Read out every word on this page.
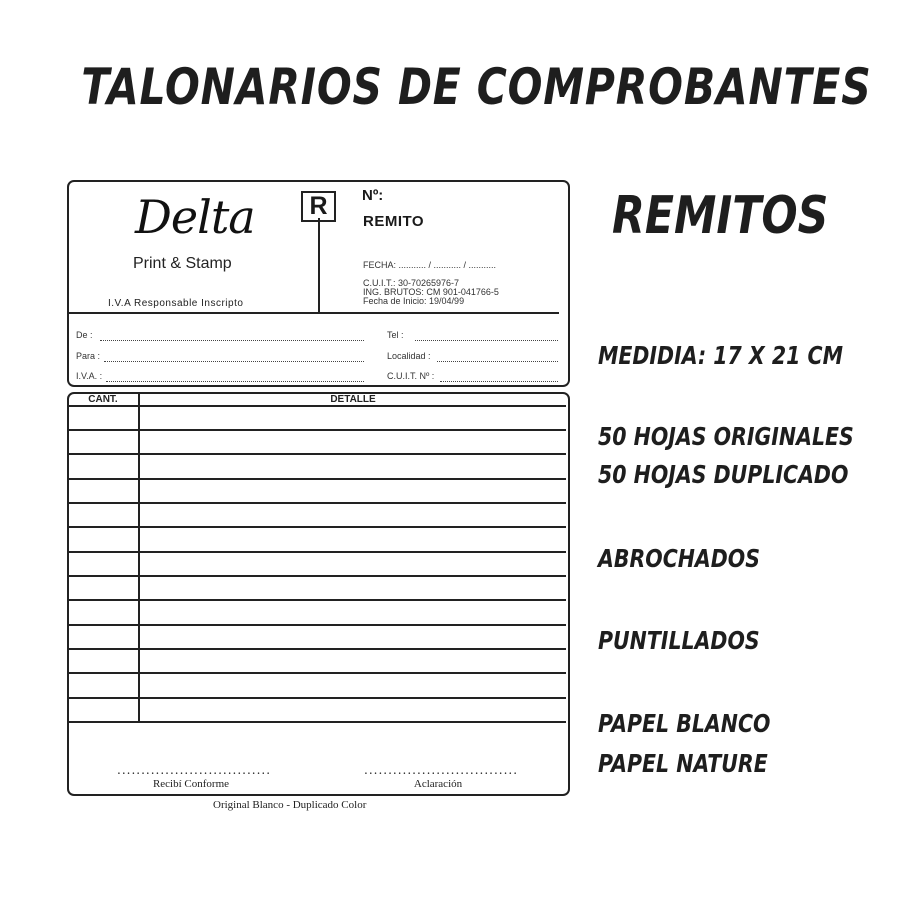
TALONARIOS DE COMPROBANTES
REMITOS
MEDIDIA: 17 X 21 CM
50 HOJAS ORIGINALES
50 HOJAS DUPLICADO
ABROCHADOS
PUNTILLADOS
PAPEL BLANCO
PAPEL NATURE
Delta
Print & Stamp
I.V.A Responsable Inscripto
R	Nº:
REMITO
FECHA: ........... / ........... / ...........
C.U.I.T.: 30-70265976-7
ING. BRUTOS: CM 901-041766-5
Fecha de Inicio: 19/04/99
De :	Tel :
Para :	Localidad :
I.V.A. :	C.U.I.T. Nº :
CANT.	DETALLE
................................	................................
Recibí Conforme	Aclaración
Original Blanco - Duplicado Color
